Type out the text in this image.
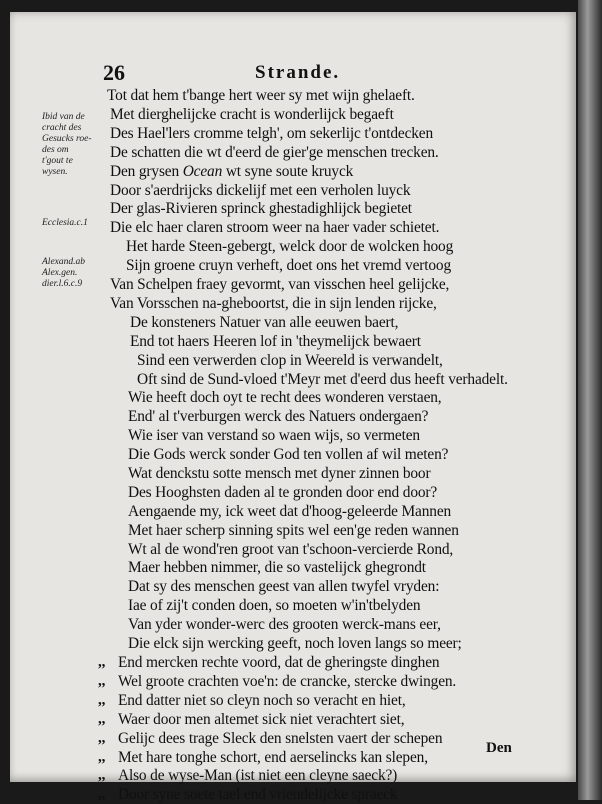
26	Strande.
Ibid van de
cracht des
Gesucks roe-
des om
t'gout te
wysen.
Ecclesia.c.1
Alexand.ab
Alex.gen.
dier.l.6.c.9
Tot dat hem t'bange hert weer sy met wijn ghelaeft.
Met dierghelijcke cracht is wonderlijck begaeft
Des Hael'lers cromme telgh', om sekerlijc t'ontdecken
De schatten die wt d'eerd de gier'ge menschen trecken.
Den grysen Ocean wt syne soute kruyck
Door s'aerdrijcks dickelijf met een verholen luyck
Der glas-Rivieren sprinck ghestadighlijck begietet
Die elc haer claren stroom weer na haer vader schietet.
Het harde Steen-gebergt, welck door de wolcken hoog
Sijn groene cruyn verheft, doet ons het vremd vertoog
Van Schelpen fraey gevormt, van visschen heel gelijcke,
Van Vorsschen na-gheboortst, die in sijn lenden rijcke,
De konsteners Natuer van alle eeuwen baert,
End tot haers Heeren lof in 'theymelijck bewaert
Sind een verwerden clop in Weereld is verwandelt,
Oft sind de Sund-vloed t'Meyr met d'eerd dus heeft verhadelt.
Wie heeft doch oyt te recht dees wonderen verstaen,
End' al t'verburgen werck des Natuers ondergaen?
Wie iser van verstand so waen wijs, so vermeten
Die Gods werck sonder God ten vollen af wil meten?
Wat denckstu sotte mensch met dyner zinnen boor
Des Hooghsten daden al te gronden door end door?
Aengaende my, ick weet dat d'hoog-geleerde Mannen
Met haer scherp sinning spits wel een'ge reden wannen
Wt al de wond'ren groot van t'schoon-vercierde Rond,
Maer hebben nimmer, die so vastelijck ghegrondt
Dat sy des menschen geest van allen twyfel vryden:
Iae of zij't conden doen, so moeten w'in'tbelyden
Van yder wonder-werc des grooten werck-mans eer,
Die elck sijn wercking geeft, noch loven langs so meer;
,, End mercken rechte voord, dat de gheringste dinghen
,, Wel groote crachten voe'n: de crancke, stercke dwingen.
,, End datter niet so cleyn noch so veracht en hiet,
,, Waer door men altemet sick niet verachtert siet,
,, Gelijc dees trage Sleck den snelsten vaert der schepen
,, Met hare tonghe schort, end aerselincks kan slepen,
,, Also de wyse-Man (ist niet een cleyne saeck?)
,, Door syne soete tael end vriendelijcke spraeck
Den
